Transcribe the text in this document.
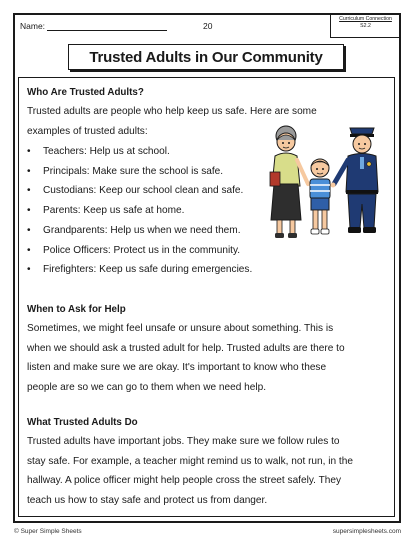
Name:	20
Curriculum Connection
S2.2
Trusted Adults in Our Community
Who Are Trusted Adults?
Trusted adults are people who help keep us safe. Here are some
examples of trusted adults:
• Teachers: Help us at school.
• Principals: Make sure the school is safe.
• Custodians: Keep our school clean and safe.
• Parents: Keep us safe at home.
• Grandparents: Help us when we need them.
• Police Officers: Protect us in the community.
• Firefighters: Keep us safe during emergencies.
When to Ask for Help
Sometimes, we might feel unsafe or unsure about something. This is
when we should ask a trusted adult for help. Trusted adults are there to
listen and make sure we are okay. It's important to know who these
people are so we can go to them when we need help.
What Trusted Adults Do
Trusted adults have important jobs. They make sure we follow rules to
stay safe. For example, a teacher might remind us to walk, not run, in the
hallway. A police officer might help people cross the street safely. They
teach us how to stay safe and protect us from danger.
© Super Simple Sheets	supersimplesheets.com
